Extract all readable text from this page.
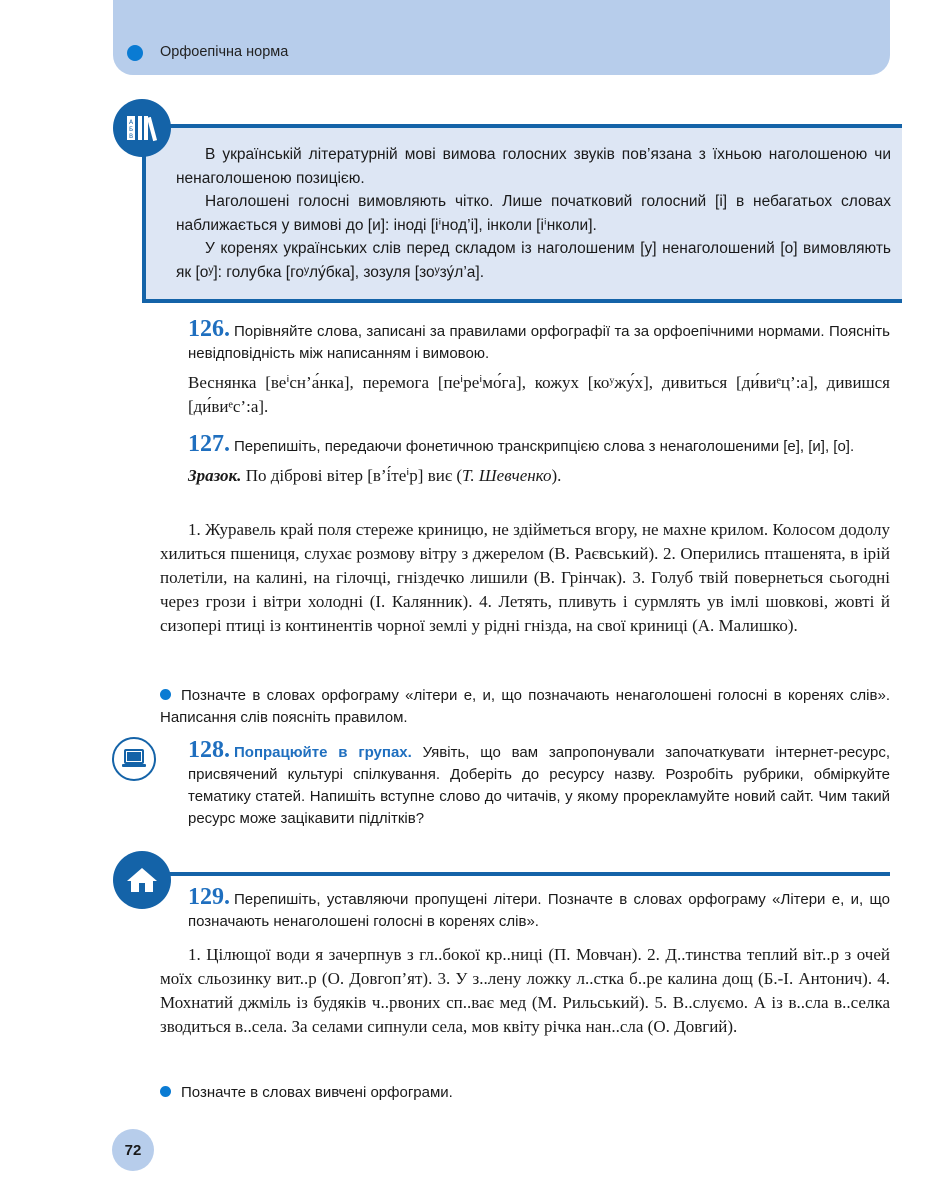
Орфоепічна норма

В українській літературній мові вимова голосних звуків пов’язана з їхньою наголошеною чи ненаголошеною позицією.

Наголошені голосні вимовляють чітко. Лише початковий голосний [і] в небагатьох словах наближається у вимові до [и]: іноді [іⁱнод’і], інколи [іⁱнколи].

У коренях українських слів перед складом із наголошеним [у] ненаголошений [о] вимовляють як [оʸ]: голубка [гоʸлу́бка], зозуля [зоʸзу́л’а].

А
Б
В

126. Порівняйте слова, записані за правилами орфографії та за орфоепічними нормами. Поясніть невідповідність між написанням і вимовою.

Веснянка [веⁱсн’а́нка], перемога [пеⁱреⁱмо́га], кожух [коʸжу́х], дивиться [ди́виᵉц’:а], дивишся [ди́виᵉс’:а].

127. Перепишіть, передаючи фонетичною транскрипцією слова з ненаголошеними [е], [и], [о].

Зразок. По діброві вітер [в’і́теⁱр] виє (Т. Шевченко).

1. Журавель край поля стереже криницю, не здійметься вгору, не махне крилом. Колосом додолу хилиться пшениця, слухає розмову вітру з джерелом (В. Раєвський). 2. Оперились пташенята, в ірій полетіли, на калині, на гілочці, гніздечко лишили (В. Грінчак). 3. Голуб твій повернеться сьогодні через грози і вітри холодні (І. Калянник). 4. Летять, пливуть і сурмлять ув імлі шовкові, жовті й сизопері птиці із континентів чорної землі у рідні гнізда, на свої криниці (А. Малишко).

Позначте в словах орфограму «літери е, и, що позначають ненаголошені голосні в коренях слів». Написання слів поясніть правилом.

128. Попрацюйте в групах. Уявіть, що вам запропонували започаткувати інтернет-ресурс, присвячений культурі спілкування. Доберіть до ресурсу назву. Розробіть рубрики, обміркуйте тематику статей. Напишіть вступне слово до читачів, у якому прорекламуйте новий сайт. Чим такий ресурс може зацікавити підлітків?

129. Перепишіть, уставляючи пропущені літери. Позначте в словах орфограму «Літери е, и, що позначають ненаголошені голосні в коренях слів».

1. Цілющої води я зачерпнув з гл..бокої кр..ниці (П. Мовчан). 2. Д..тинства теплий віт..р з очей моїх сльозинку вит..р (О. Довгоп’ят). 3. У з..лену ложку л..стка б..ре калина дощ (Б.-І. Антонич). 4. Мохнатий джміль із будяків ч..рвоних сп..ває мед (М. Рильський). 5. В..слуємо. А із в..сла в..селка зводиться в..села. За селами сипнули села, мов квіту річка нан..сла (О. Довгий).

Позначте в словах вивчені орфограми.
72
